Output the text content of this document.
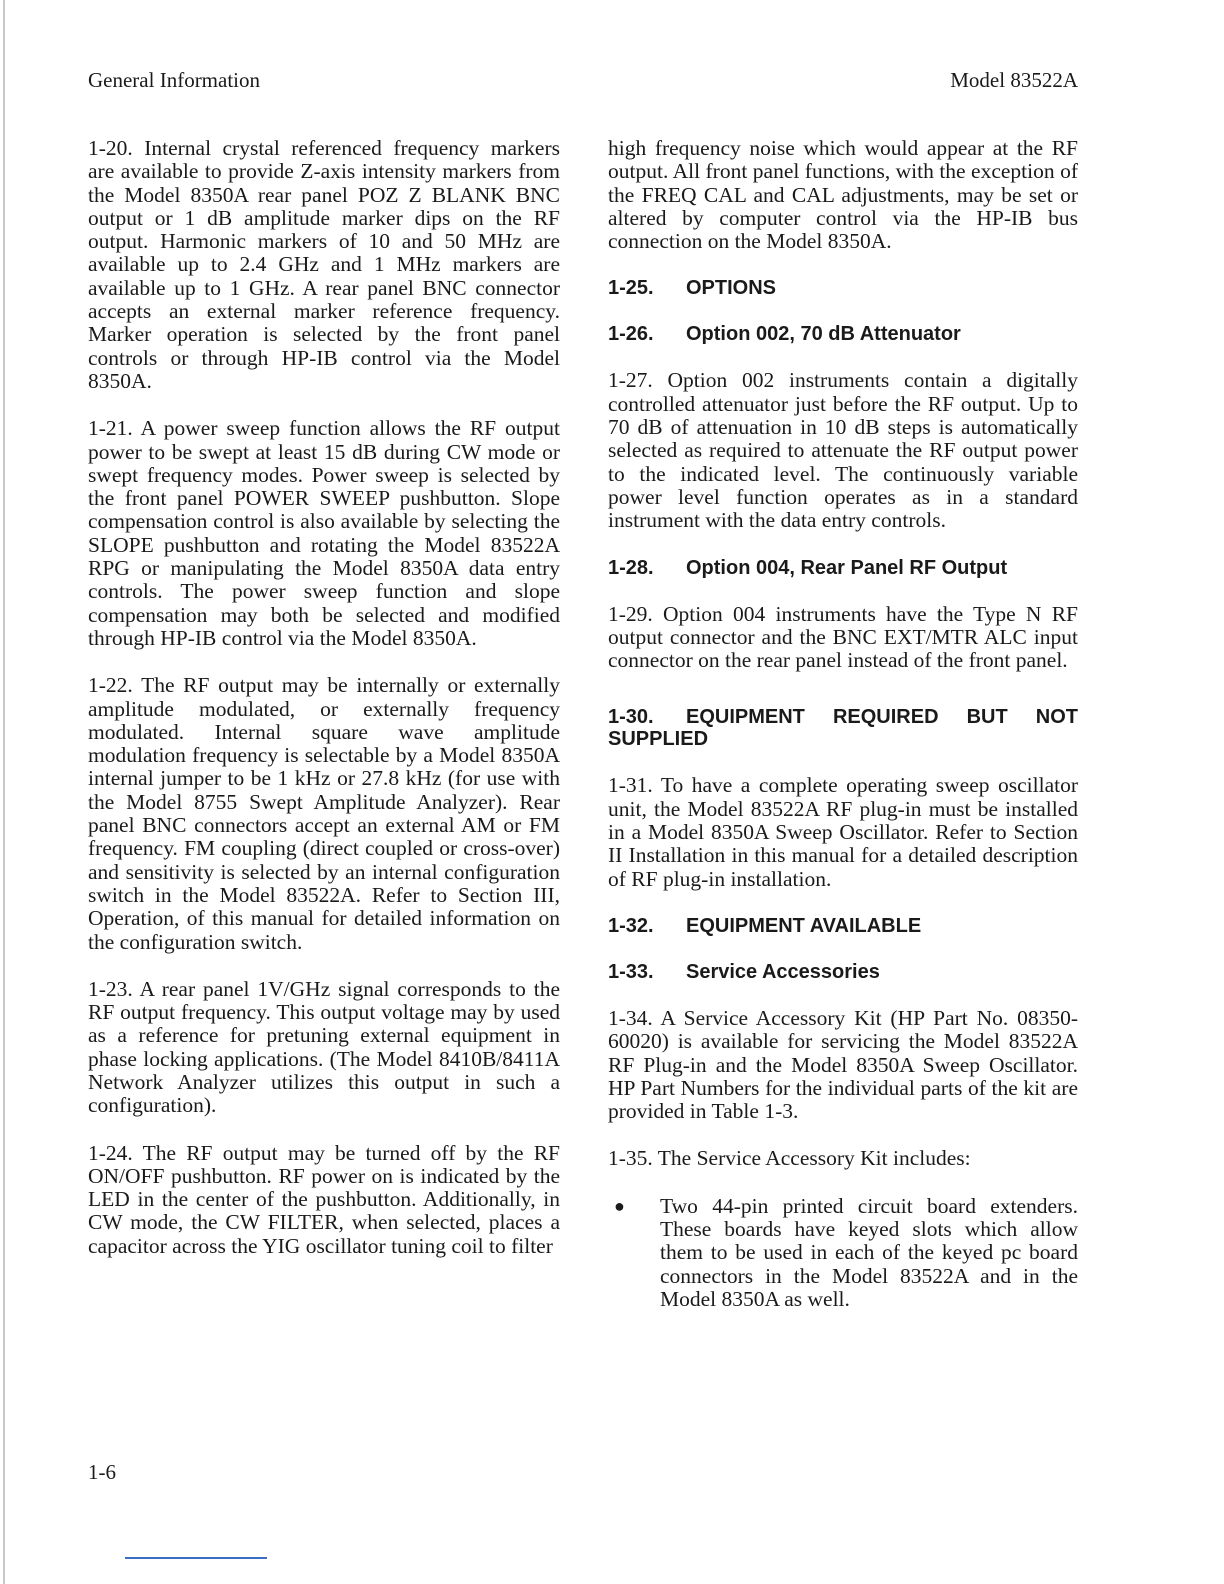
General Information	Model 83522A

1-20. Internal crystal referenced frequency markers are available to provide Z-axis intensity markers from the Model 8350A rear panel POZ Z BLANK BNC output or 1 dB amplitude marker dips on the RF output. Harmonic markers of 10 and 50 MHz are available up to 2.4 GHz and 1 MHz markers are available up to 1 GHz. A rear panel BNC connector accepts an external marker reference frequency. Marker operation is selected by the front panel controls or through HP-IB control via the Model 8350A.

1-21. A power sweep function allows the RF output power to be swept at least 15 dB during CW mode or swept frequency modes. Power sweep is selected by the front panel POWER SWEEP pushbutton. Slope compensation control is also available by selecting the SLOPE pushbutton and rotating the Model 83522A RPG or manipulating the Model 8350A data entry controls. The power sweep function and slope compensation may both be selected and modified through HP-IB control via the Model 8350A.

1-22. The RF output may be internally or externally amplitude modulated, or externally frequency modulated. Internal square wave amplitude modulation frequency is selectable by a Model 8350A internal jumper to be 1 kHz or 27.8 kHz (for use with the Model 8755 Swept Amplitude Analyzer). Rear panel BNC connectors accept an external AM or FM frequency. FM coupling (direct coupled or cross-over) and sensitivity is selected by an internal configuration switch in the Model 83522A. Refer to Section III, Operation, of this manual for detailed information on the configuration switch.

1-23. A rear panel 1V/GHz signal corresponds to the RF output frequency. This output voltage may by used as a reference for pretuning external equipment in phase locking applications. (The Model 8410B/8411A Network Analyzer utilizes this output in such a configuration).

1-24. The RF output may be turned off by the RF ON/OFF pushbutton. RF power on is indicated by the LED in the center of the pushbutton. Additionally, in CW mode, the CW FILTER, when selected, places a capacitor across the YIG oscillator tuning coil to filter

high frequency noise which would appear at the RF output. All front panel functions, with the exception of the FREQ CAL and CAL adjustments, may be set or altered by computer control via the HP-IB bus connection on the Model 8350A.

1-25. OPTIONS
1-26. Option 002, 70 dB Attenuator

1-27. Option 002 instruments contain a digitally controlled attenuator just before the RF output. Up to 70 dB of attenuation in 10 dB steps is automatically selected as required to attenuate the RF output power to the indicated level. The continuously variable power level function operates as in a standard instrument with the data entry controls.

1-28. Option 004, Rear Panel RF Output

1-29. Option 004 instruments have the Type N RF output connector and the BNC EXT/MTR ALC input connector on the rear panel instead of the front panel.

1-30. EQUIPMENT REQUIRED BUT NOT SUPPLIED

1-31. To have a complete operating sweep oscillator unit, the Model 83522A RF plug-in must be installed in a Model 8350A Sweep Oscillator. Refer to Section II Installation in this manual for a detailed description of RF plug-in installation.

1-32. EQUIPMENT AVAILABLE
1-33. Service Accessories

1-34. A Service Accessory Kit (HP Part No. 08350-60020) is available for servicing the Model 83522A RF Plug-in and the Model 8350A Sweep Oscillator. HP Part Numbers for the individual parts of the kit are provided in Table 1-3.

1-35. The Service Accessory Kit includes:

●	Two 44-pin printed circuit board extenders. These boards have keyed slots which allow them to be used in each of the keyed pc board connectors in the Model 83522A and in the Model 8350A as well.
1-6
